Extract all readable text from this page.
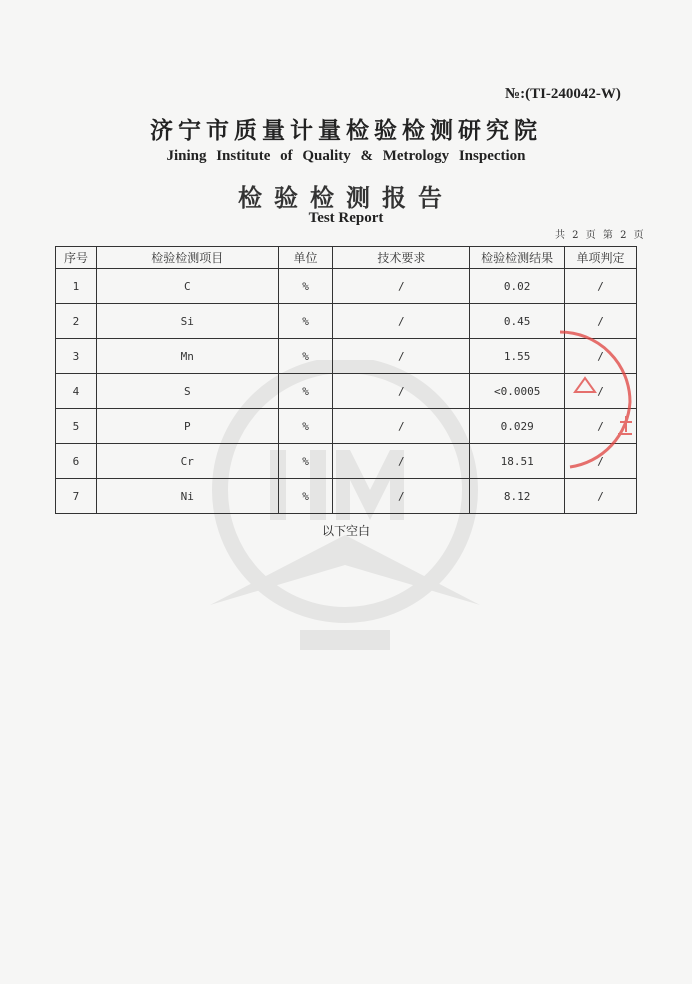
№:(TI-240042-W)
济宁市质量计量检验检测研究院
Jining Institute of Quality & Metrology Inspection
检验检测报告
Test Report
共 2 页 第 2 页
序号	检验检测项目	单位	技术要求	检验检测结果	单项判定
1	C	%	/	0.02	/
2	Si	%	/	0.45	/
3	Mn	%	/	1.55	/
4	S	%	/	<0.0005	/
5	P	%	/	0.029	/
6	Cr	%	/	18.51	/
7	Ni	%	/	8.12	/
以下空白
